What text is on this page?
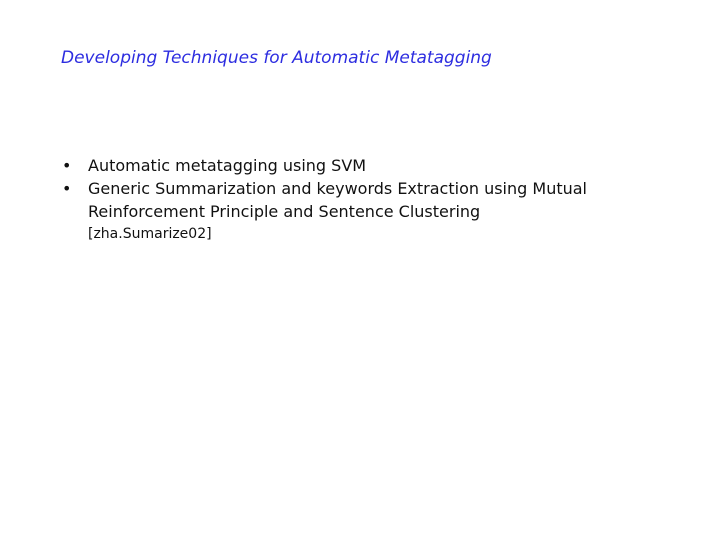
Developing Techniques for Automatic Metatagging
• Automatic metatagging using SVM
• Generic Summarization and keywords Extraction using Mutual Reinforcement Principle and Sentence Clustering

[zha.Sumarize02]
